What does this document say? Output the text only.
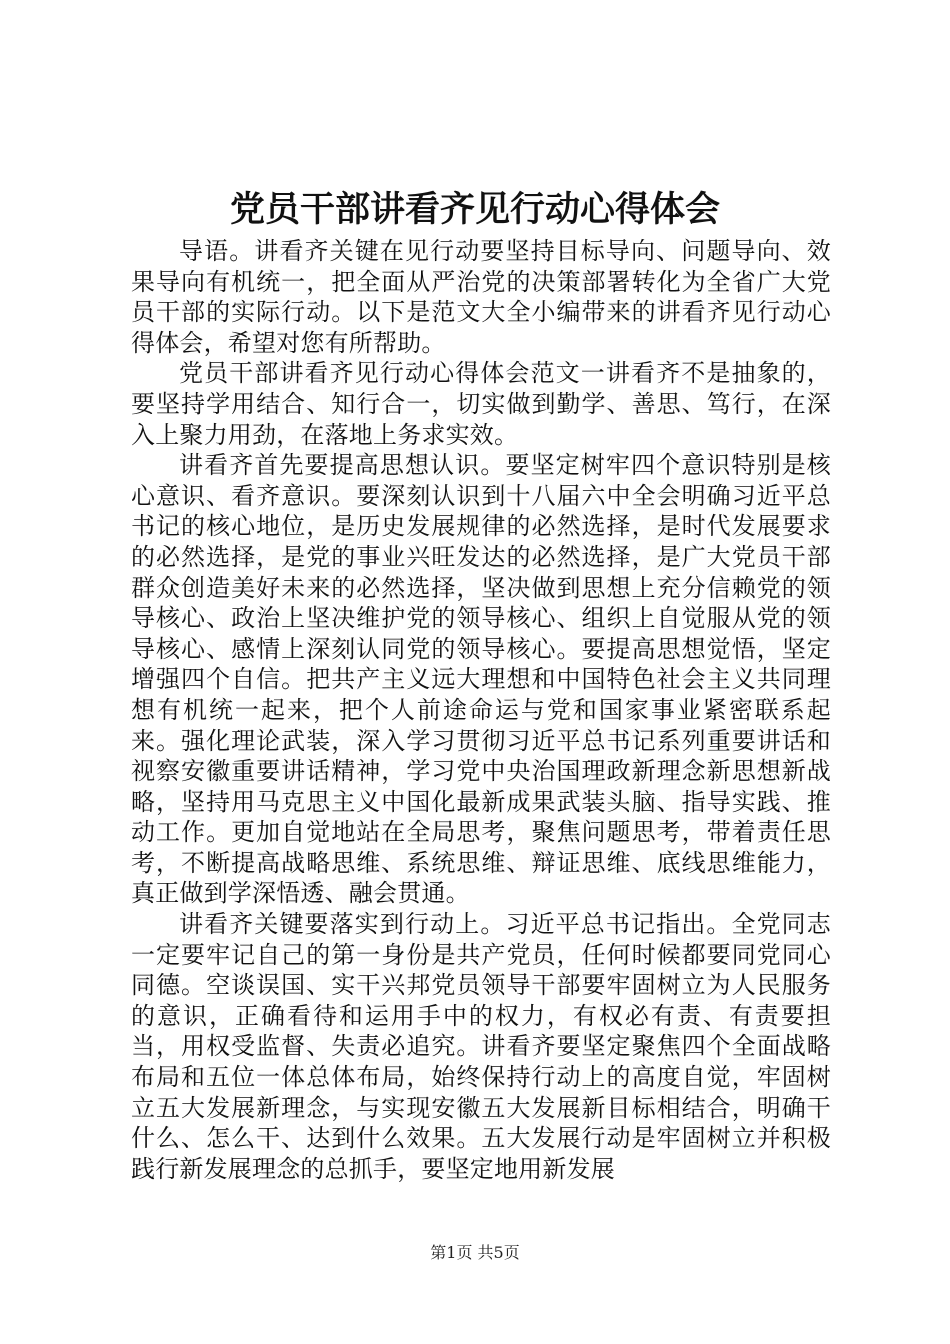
党员干部讲看齐见行动心得体会

导语。讲看齐关键在见行动要坚持目标导向、问题导向、效果导向有机统一，把全面从严治党的决策部署转化为全省广大党员干部的实际行动。以下是范文大全小编带来的讲看齐见行动心得体会，希望对您有所帮助。

党员干部讲看齐见行动心得体会范文一讲看齐不是抽象的，要坚持学用结合、知行合一，切实做到勤学、善思、笃行，在深入上聚力用劲，在落地上务求实效。

讲看齐首先要提高思想认识。要坚定树牢四个意识特别是核心意识、看齐意识。要深刻认识到十八届六中全会明确习近平总书记的核心地位，是历史发展规律的必然选择，是时代发展要求的必然选择，是党的事业兴旺发达的必然选择，是广大党员干部群众创造美好未来的必然选择，坚决做到思想上充分信赖党的领导核心、政治上坚决维护党的领导核心、组织上自觉服从党的领导核心、感情上深刻认同党的领导核心。要提高思想觉悟，坚定增强四个自信。把共产主义远大理想和中国特色社会主义共同理想有机统一起来，把个人前途命运与党和国家事业紧密联系起来。强化理论武装，深入学习贯彻习近平总书记系列重要讲话和视察安徽重要讲话精神，学习党中央治国理政新理念新思想新战略，坚持用马克思主义中国化最新成果武装头脑、指导实践、推动工作。更加自觉地站在全局思考，聚焦问题思考，带着责任思考，不断提高战略思维、系统思维、辩证思维、底线思维能力，真正做到学深悟透、融会贯通。

讲看齐关键要落实到行动上。习近平总书记指出。全党同志一定要牢记自己的第一身份是共产党员，任何时候都要同党同心同德。空谈误国、实干兴邦党员领导干部要牢固树立为人民服务的意识，正确看待和运用手中的权力，有权必有责、有责要担当，用权受监督、失责必追究。讲看齐要坚定聚焦四个全面战略布局和五位一体总体布局，始终保持行动上的高度自觉，牢固树立五大发展新理念，与实现安徽五大发展新目标相结合，明确干什么、怎么干、达到什么效果。五大发展行动是牢固树立并积极践行新发展理念的总抓手，要坚定地用新发展

第1页 共5页
